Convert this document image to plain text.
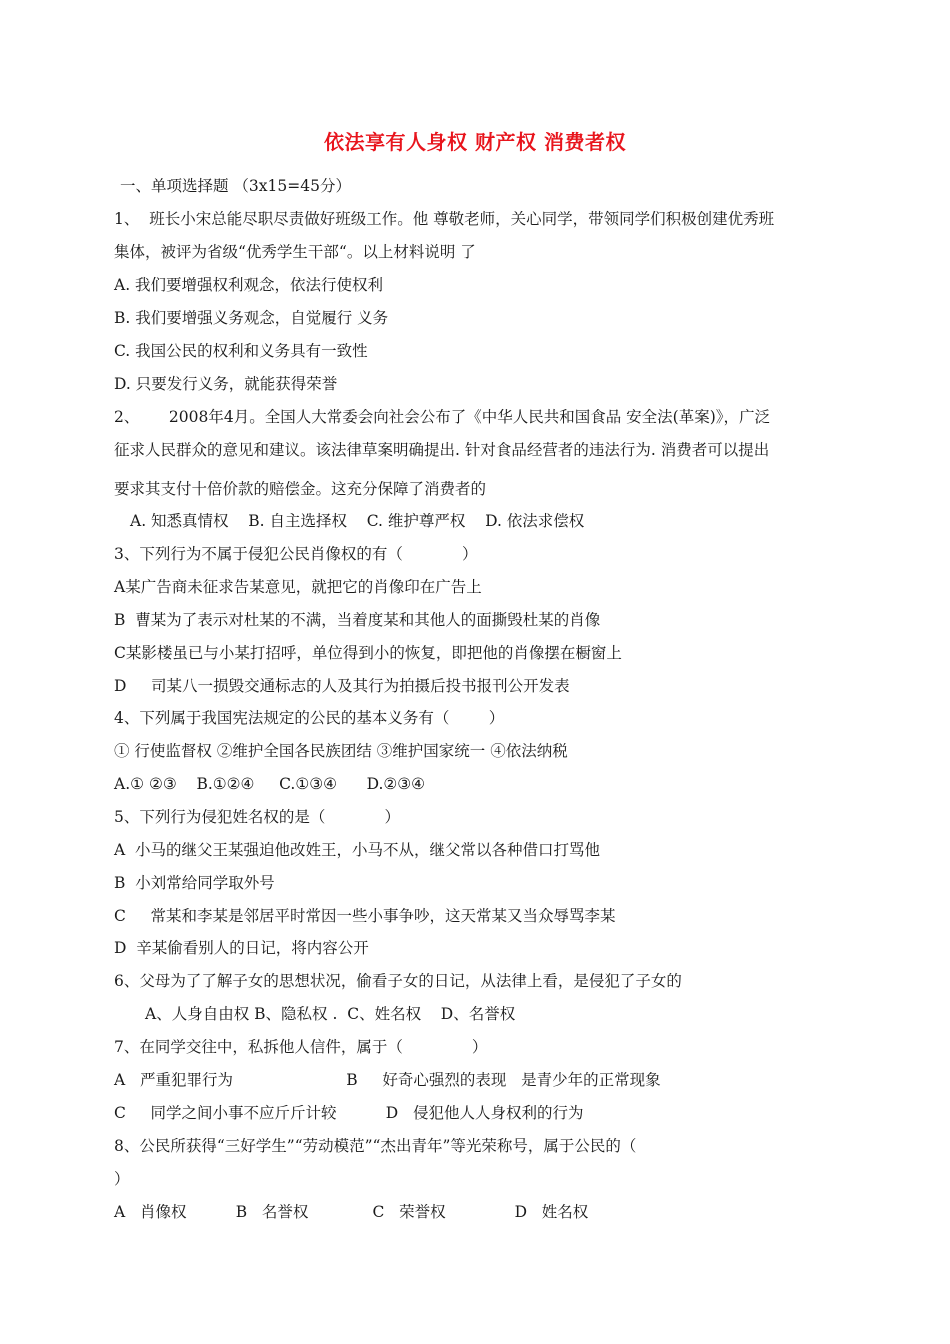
依法享有人身权 财产权 消费者权
一、单项选择题 （3x15=45分）
1、  班长小宋总能尽职尽责做好班级工作。他 尊敬老师，关心同学，带领同学们积极创建优秀班
集体，被评为省级“优秀学生干部“。以上材料说明 了
A. 我们要增强权利观念，依法行使权利
B. 我们要增强义务观念，自觉履行 义务
C. 我国公民的权利和义务具有一致性
D. 只要发行义务，就能获得荣誉
2、      2008年4月。全国人大常委会向社会公布了《中华人民共和国食品 安全法(革案)》，广泛
征求人民群众的意见和建议。该法律草案明确提出. 针对食品经营者的违法行为. 消费者可以提出
要求其支付十倍价款的赔偿金。这充分保障了消费者的
A. 知悉真情权    B. 自主选择权    C. 维护尊严权    D. 依法求偿权
3、下列行为不属于侵犯公民肖像权的有（            ）
A某广告商未征求告某意见，就把它的肖像印在广告上
B  曹某为了表示对杜某的不满，当着度某和其他人的面撕毁杜某的肖像
C某影楼虽已与小某打招呼，单位得到小的恢复，即把他的肖像摆在橱窗上
D     司某八一损毁交通标志的人及其行为拍摄后投书报刊公开发表
4、下列属于我国宪法规定的公民的基本义务有（        ）
① 行使监督权 ②维护全国各民族团结 ③维护国家统一 ④依法纳税
A.① ②③    B.①②④     C.①③④      D.②③④
5、下列行为侵犯姓名权的是（            ）
A  小马的继父王某强迫他改姓王，小马不从，继父常以各种借口打骂他
B  小刘常给同学取外号
C     常某和李某是邻居平时常因一些小事争吵，这天常某又当众辱骂李某
D  辛某偷看别人的日记，将内容公开
6、父母为了了解子女的思想状况，偷看子女的日记，从法律上看，是侵犯了子女的
A、人身自由权 B、隐私权 .  C、姓名权    D、名誉权
7、在同学交往中，私拆他人信件，属于（              ）
A   严重犯罪行为                       B     好奇心强烈的表现   是青少年的正常现象
C     同学之间小事不应斤斤计较          D   侵犯他人人身权利的行为
8、公民所获得“三好学生”“劳动模范”“杰出青年”等光荣称号，属于公民的（
）
A   肖像权          B   名誉权             C   荣誉权              D   姓名权
